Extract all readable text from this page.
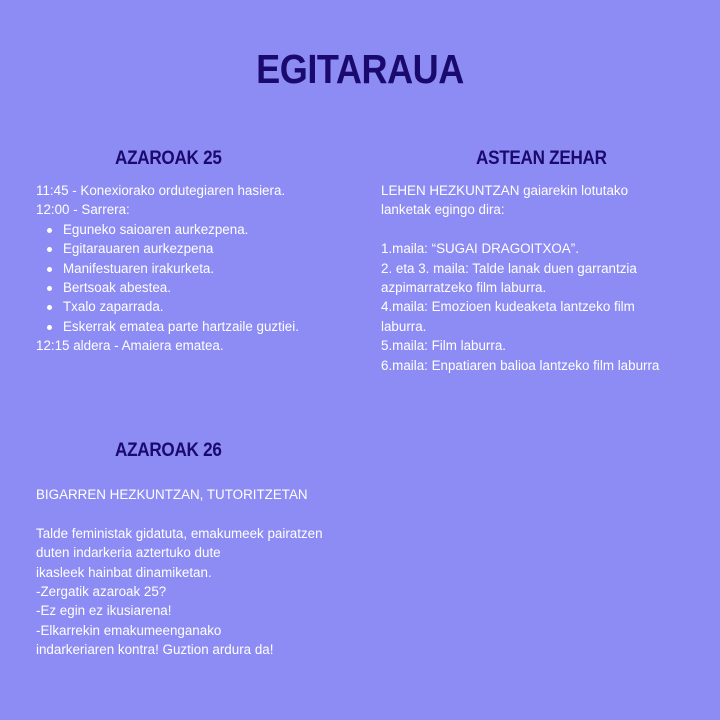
EGITARAUA
AZAROAK 25
11:45 - Konexiorako ordutegiaren hasiera.
12:00 - Sarrera:
Eguneko saioaren aurkezpena.
Egitarauaren aurkezpena
Manifestuaren irakurketa.
Bertsoak abestea.
Txalo zaparrada.
Eskerrak ematea parte hartzaile guztiei.
12:15 aldera - Amaiera ematea.
ASTEAN ZEHAR
LEHEN HEZKUNTZAN gaiarekin lotutako
lanketak egingo dira:
1.maila: “SUGAI DRAGOITXOA”.
2. eta 3. maila: Talde lanak duen garrantzia
azpimarratzeko film laburra.
4.maila: Emozioen kudeaketa lantzeko film
laburra.
5.maila: Film laburra.
6.maila: Enpatiaren balioa lantzeko film laburra
AZAROAK 26
BIGARREN HEZKUNTZAN, TUTORITZETAN
Talde feministak gidatuta, emakumeek pairatzen
duten indarkeria aztertuko dute
ikasleek hainbat dinamiketan.
-Zergatik azaroak 25?
-Ez egin ez ikusiarena!
-Elkarrekin emakumeenganako
indarkeriaren kontra! Guztion ardura da!
